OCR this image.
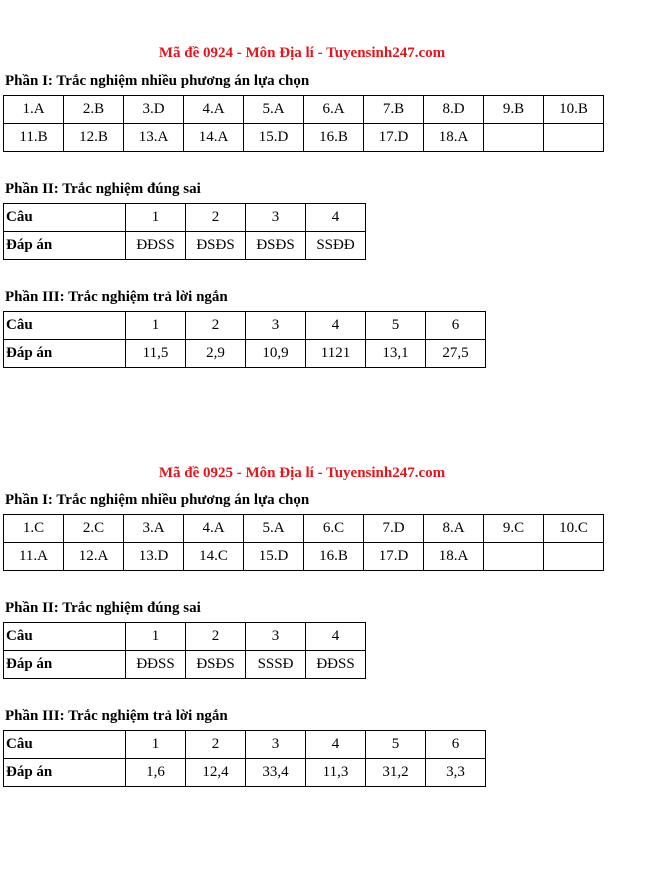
Mã đề 0924 - Môn Địa lí - Tuyensinh247.com
Phần I: Trắc nghiệm nhiều phương án lựa chọn
1.A	2.B	3.D	4.A	5.A	6.A	7.B	8.D	9.B	10.B
11.B	12.B	13.A	14.A	15.D	16.B	17.D	18.A		
Phần II: Trắc nghiệm đúng sai
Câu	1	2	3	4
Đáp án	ĐĐSS	ĐSĐS	ĐSĐS	SSĐĐ
Phần III: Trắc nghiệm trả lời ngắn
Câu	1	2	3	4	5	6
Đáp án	11,5	2,9	10,9	1121	13,1	27,5
Mã đề 0925 - Môn Địa lí - Tuyensinh247.com
Phần I: Trắc nghiệm nhiều phương án lựa chọn
1.C	2.C	3.A	4.A	5.A	6.C	7.D	8.A	9.C	10.C
11.A	12.A	13.D	14.C	15.D	16.B	17.D	18.A		
Phần II: Trắc nghiệm đúng sai
Câu	1	2	3	4
Đáp án	ĐĐSS	ĐSĐS	SSSĐ	ĐĐSS
Phần III: Trắc nghiệm trả lời ngắn
Câu	1	2	3	4	5	6
Đáp án	1,6	12,4	33,4	11,3	31,2	3,3
